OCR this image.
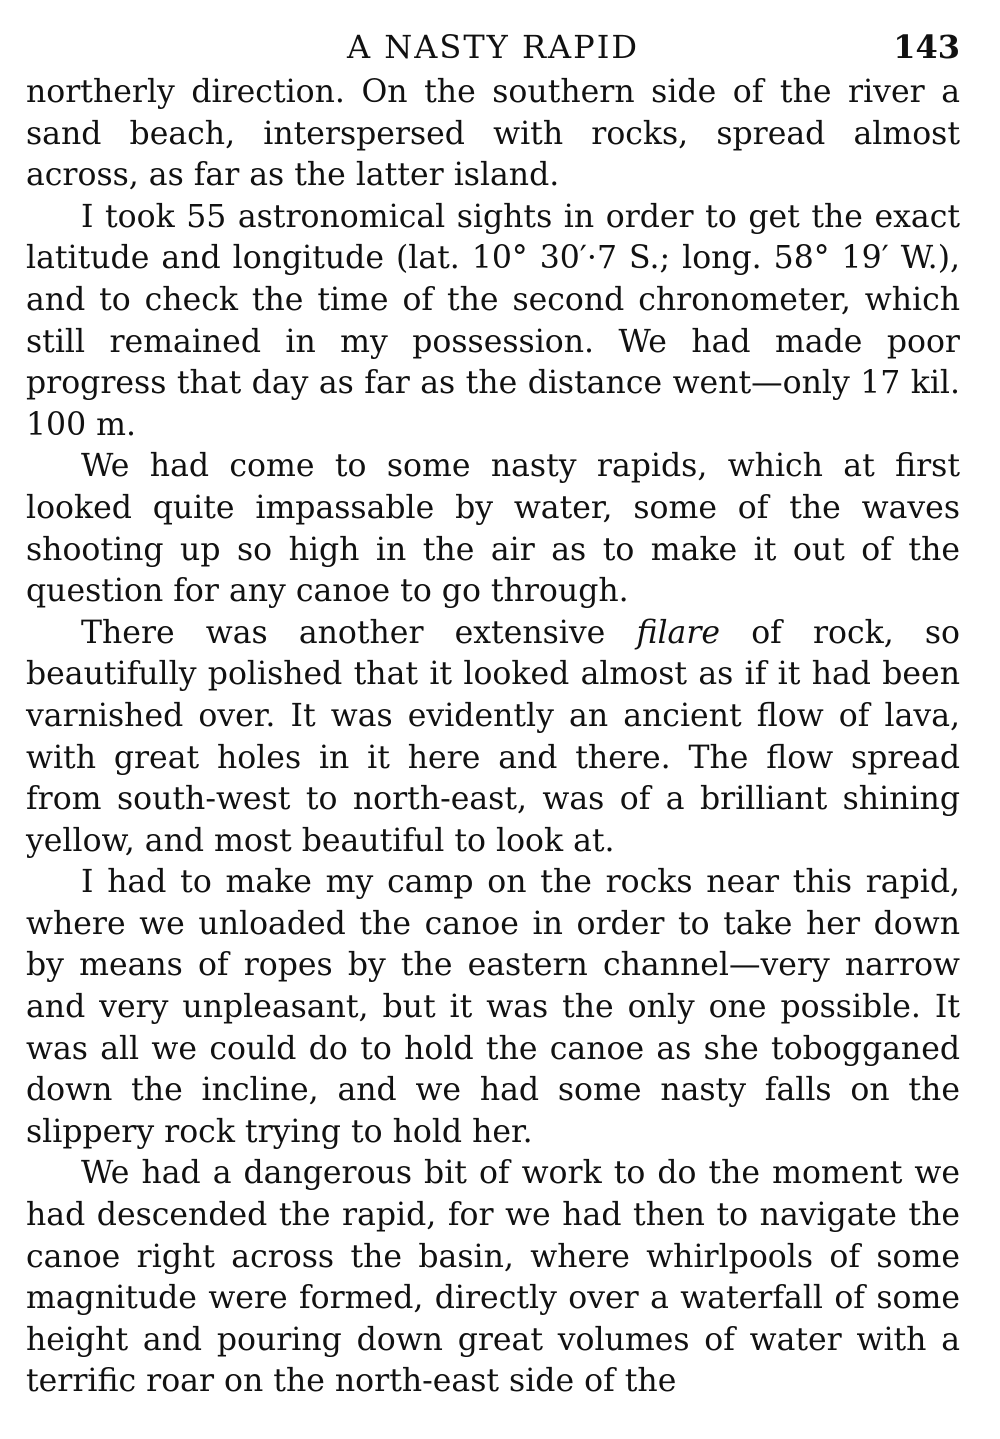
A NASTY RAPID	143

northerly direction. On the southern side of the river a sand beach, interspersed with rocks, spread almost across, as far as the latter island.

I took 55 astronomical sights in order to get the exact latitude and longitude (lat. 10° 30′·7 S.; long. 58° 19′ W.), and to check the time of the second chronometer, which still remained in my possession. We had made poor progress that day as far as the distance went—only 17 kil. 100 m.

We had come to some nasty rapids, which at first looked quite impassable by water, some of the waves shooting up so high in the air as to make it out of the question for any canoe to go through.

There was another extensive filare of rock, so beautifully polished that it looked almost as if it had been varnished over. It was evidently an ancient flow of lava, with great holes in it here and there. The flow spread from south-west to north-east, was of a brilliant shining yellow, and most beautiful to look at.

I had to make my camp on the rocks near this rapid, where we unloaded the canoe in order to take her down by means of ropes by the eastern channel—very narrow and very unpleasant, but it was the only one possible. It was all we could do to hold the canoe as she tobogganed down the incline, and we had some nasty falls on the slippery rock trying to hold her.

We had a dangerous bit of work to do the moment we had descended the rapid, for we had then to navigate the canoe right across the basin, where whirlpools of some magnitude were formed, directly over a waterfall of some height and pouring down great volumes of water with a terrific roar on the north-east side of the
